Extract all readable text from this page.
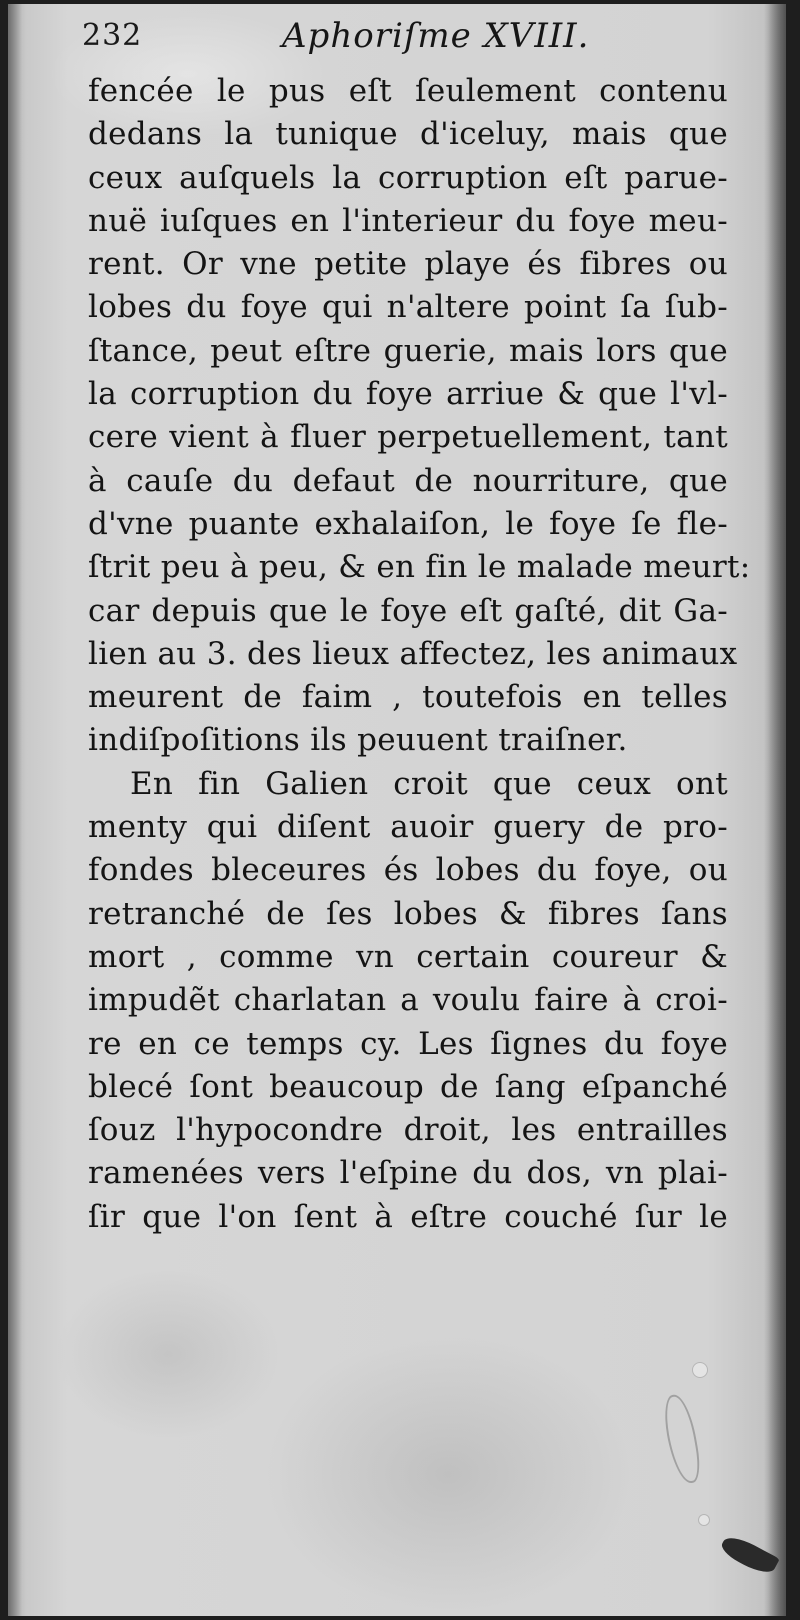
232	Aphoriſme XVIII.
fencée le pus eſt ſeulement contenu
dedans la tunique d'iceluy, mais que
ceux auſquels la corruption eſt parue-
nuë iuſques en l'interieur du foye meu-
rent. Or vne petite playe és fibres ou
lobes du foye qui n'altere point ſa ſub-
ſtance, peut eſtre guerie, mais lors que
la corruption du foye arriue & que l'vl-
cere vient à fluer perpetuellement, tant
à cauſe du defaut de nourriture, que
d'vne puante exhalaiſon, le foye ſe fle-
ſtrit peu à peu, & en fin le malade meurt:
car depuis que le foye eſt gaſté, dit Ga-
lien au 3. des lieux affectez, les animaux
meurent de faim , toutefois en telles
indiſpoſitions ils peuuent traiſner.
En fin Galien croit que ceux ont
menty qui diſent auoir guery de pro-
fondes bleceures és lobes du foye, ou
retranché de ſes lobes & fibres ſans
mort , comme vn certain coureur &
impudẽt charlatan a voulu faire à croi-
re en ce temps cy. Les ſignes du foye
blecé ſont beaucoup de ſang eſpanché
ſouz l'hypocondre droit, les entrailles
ramenées vers l'eſpine du dos, vn plai-
ſir que l'on ſent à eſtre couché ſur le
